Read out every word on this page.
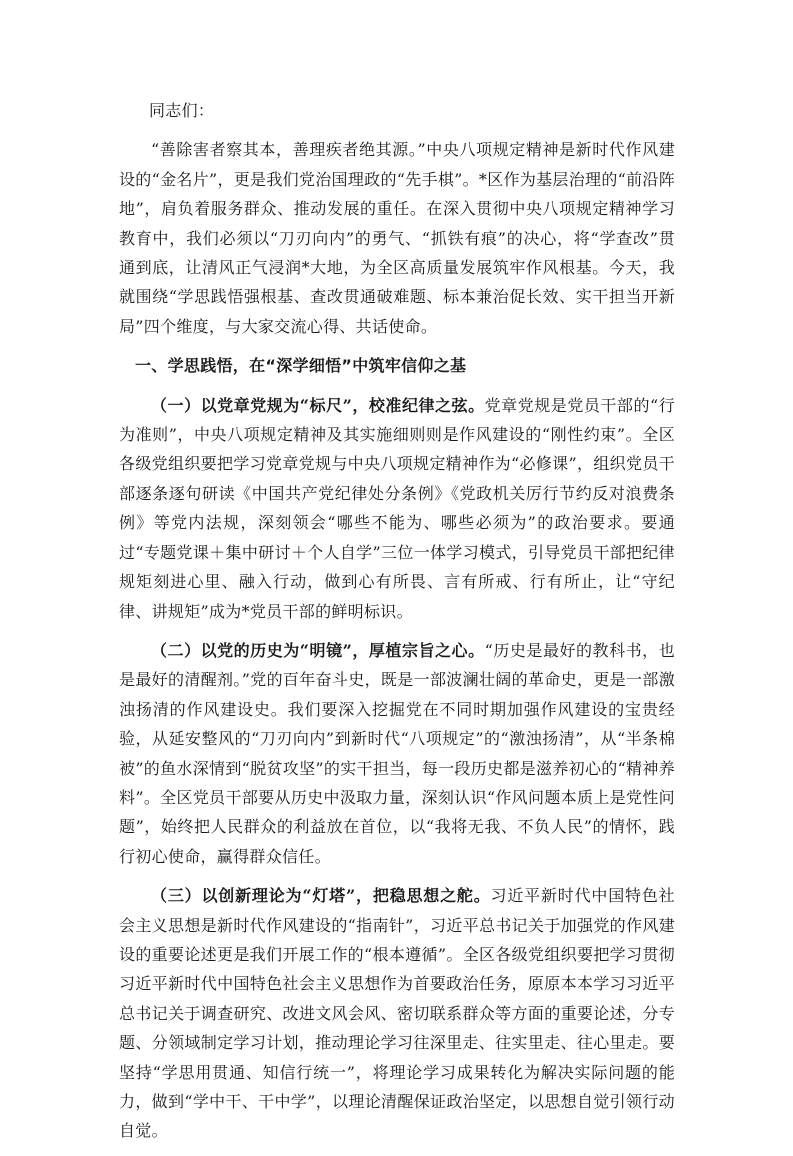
同志们：

“善除害者察其本，善理疾者绝其源。”中央八项规定精神是新时代作风建设的“金名片”，更是我们党治国理政的“先手棋”。*区作为基层治理的“前沿阵地”，肩负着服务群众、推动发展的重任。在深入贯彻中央八项规定精神学习教育中，我们必须以“刀刃向内”的勇气、“抓铁有痕”的决心，将“学查改”贯通到底，让清风正气浸润*大地，为全区高质量发展筑牢作风根基。今天，我就围绕“学思践悟强根基、查改贯通破难题、标本兼治促长效、实干担当开新局”四个维度，与大家交流心得、共话使命。

一、学思践悟，在“深学细悟”中筑牢信仰之基

（一）以党章党规为“标尺”，校准纪律之弦。党章党规是党员干部的“行为准则”，中央八项规定精神及其实施细则则是作风建设的“刚性约束”。全区各级党组织要把学习党章党规与中央八项规定精神作为“必修课”，组织党员干部逐条逐句研读《中国共产党纪律处分条例》《党政机关厉行节约反对浪费条例》等党内法规，深刻领会“哪些不能为、哪些必须为”的政治要求。要通过“专题党课＋集中研讨＋个人自学”三位一体学习模式，引导党员干部把纪律规矩刻进心里、融入行动，做到心有所畏、言有所戒、行有所止，让“守纪律、讲规矩”成为*党员干部的鲜明标识。

（二）以党的历史为“明镜”，厚植宗旨之心。“历史是最好的教科书，也是最好的清醒剂。”党的百年奋斗史，既是一部波澜壮阔的革命史，更是一部激浊扬清的作风建设史。我们要深入挖掘党在不同时期加强作风建设的宝贵经验，从延安整风的“刀刃向内”到新时代“八项规定”的“激浊扬清”，从“半条棉被”的鱼水深情到“脱贫攻坚”的实干担当，每一段历史都是滋养初心的“精神养料”。全区党员干部要从历史中汲取力量，深刻认识“作风问题本质上是党性问题”，始终把人民群众的利益放在首位，以“我将无我、不负人民”的情怀，践行初心使命，赢得群众信任。

（三）以创新理论为“灯塔”，把稳思想之舵。习近平新时代中国特色社会主义思想是新时代作风建设的“指南针”，习近平总书记关于加强党的作风建设的重要论述更是我们开展工作的“根本遵循”。全区各级党组织要把学习贯彻习近平新时代中国特色社会主义思想作为首要政治任务，原原本本学习习近平总书记关于调查研究、改进文风会风、密切联系群众等方面的重要论述，分专题、分领域制定学习计划，推动理论学习往深里走、往实里走、往心里走。要坚持“学思用贯通、知信行统一”，将理论学习成果转化为解决实际问题的能力，做到“学中干、干中学”，以理论清醒保证政治坚定，以思想自觉引领行动自觉。
